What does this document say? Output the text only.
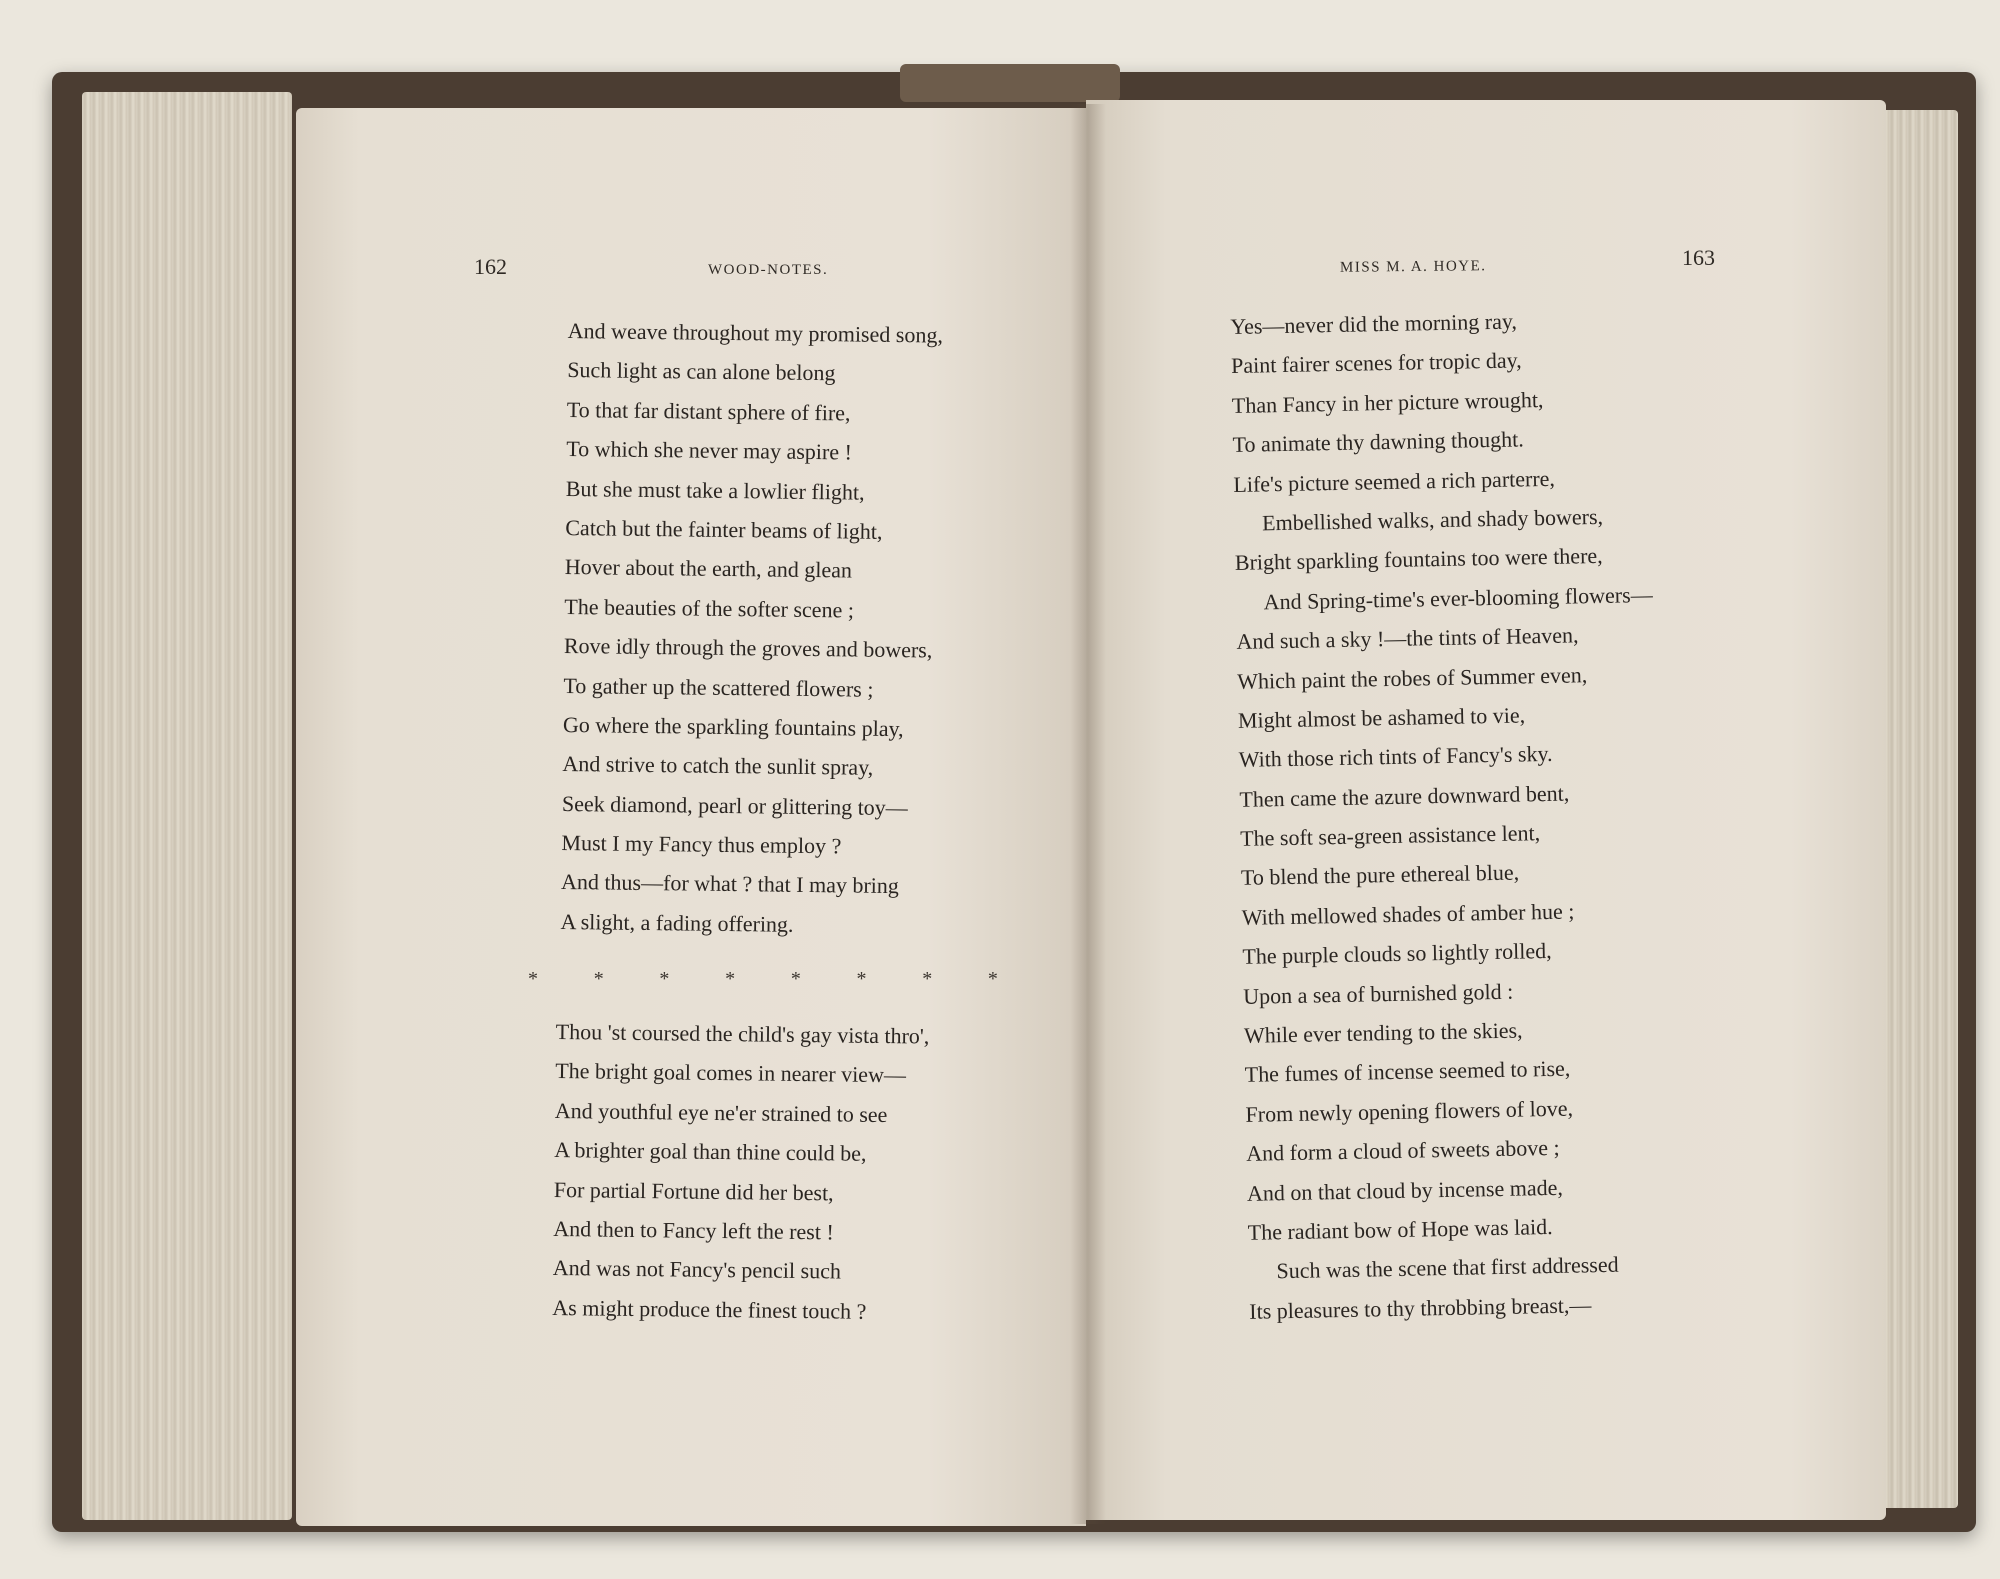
162	WOOD-NOTES.	MISS M. A. HOYE.	163
And weave throughout my promised song,
Such light as can alone belong
To that far distant sphere of fire,
To which she never may aspire !
But she must take a lowlier flight,
Catch but the fainter beams of light,
Hover about the earth, and glean
The beauties of the softer scene ;
Rove idly through the groves and bowers,
To gather up the scattered flowers ;
Go where the sparkling fountains play,
And strive to catch the sunlit spray,
Seek diamond, pearl or glittering toy—
Must I my Fancy thus employ ?
And thus—for what ? that I may bring
A slight, a fading offering.
*	*	*	*	*	*	*	*
Thou 'st coursed the child's gay vista thro',
The bright goal comes in nearer view—
And youthful eye ne'er strained to see
A brighter goal than thine could be,
For partial Fortune did her best,
And then to Fancy left the rest !
And was not Fancy's pencil such
As might produce the finest touch ?
Yes—never did the morning ray,
Paint fairer scenes for tropic day,
Than Fancy in her picture wrought,
To animate thy dawning thought.
Life's picture seemed a rich parterre,
Embellished walks, and shady bowers,
Bright sparkling fountains too were there,
And Spring-time's ever-blooming flowers—
And such a sky !—the tints of Heaven,
Which paint the robes of Summer even,
Might almost be ashamed to vie,
With those rich tints of Fancy's sky.
Then came the azure downward bent,
The soft sea-green assistance lent,
To blend the pure ethereal blue,
With mellowed shades of amber hue ;
The purple clouds so lightly rolled,
Upon a sea of burnished gold :
While ever tending to the skies,
The fumes of incense seemed to rise,
From newly opening flowers of love,
And form a cloud of sweets above ;
And on that cloud by incense made,
The radiant bow of Hope was laid.
Such was the scene that first addressed
Its pleasures to thy throbbing breast,—
